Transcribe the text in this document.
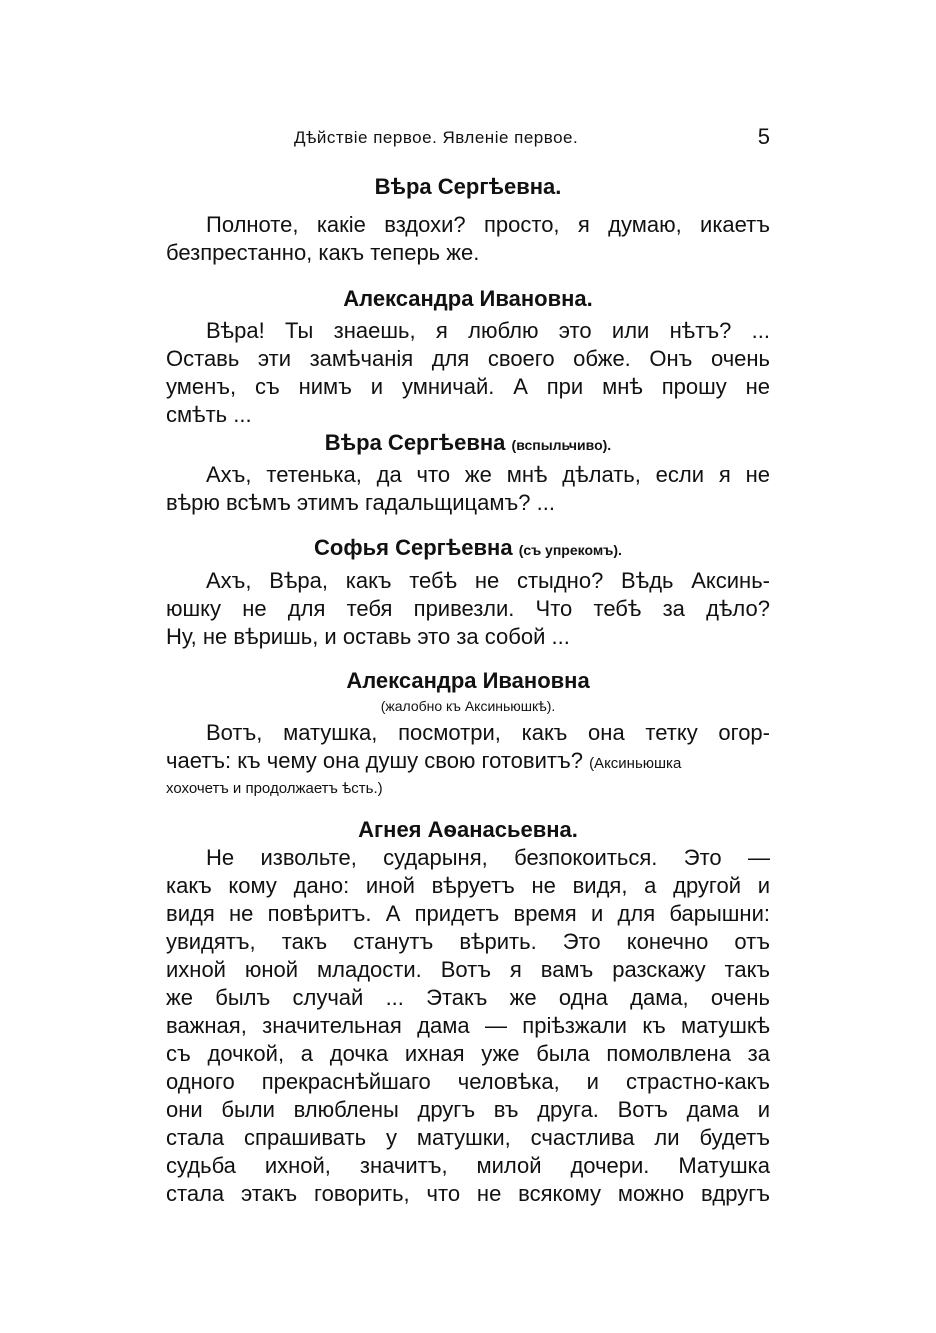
Дѣйствiе первое. Явленiе первое.	5
Вѣра Сергѣевна.
Полноте, какiе вздохи? просто, я думаю, икаетъ
безпрестанно, какъ теперь же.
Александра Ивановна.
Вѣра! Ты знаешь, я люблю это или нѣтъ? ...
Оставь эти замѣчанiя для своего обже. Онъ очень
уменъ, съ нимъ и умничай. А при мнѣ прошу не
смѣть ...
Вѣра Сергѣевна (вспыльчиво).
Ахъ, тетенька, да что же мнѣ дѣлать, если я не
вѣрю всѣмъ этимъ гадальщицамъ? ...
Софья Сергѣевна (съ упрекомъ).
Ахъ, Вѣра, какъ тебѣ не стыдно? Вѣдь Аксинь-
юшку не для тебя привезли. Что тебѣ за дѣло?
Ну, не вѣришь, и оставь это за собой ...
Александра Ивановна
(жалобно къ Аксиньюшкѣ).
Вотъ, матушка, посмотри, какъ она тетку огор-
чаетъ: къ чему она душу свою готовитъ? (Аксиньюшка
хохочетъ и продолжаетъ ѣсть.)
Агнея Аѳанасьевна.
Не извольте, сударыня, безпокоиться. Это —
какъ кому дано: иной вѣруетъ не видя, а другой и
видя не повѣритъ. А придетъ время и для барышни:
увидятъ, такъ станутъ вѣрить. Это конечно отъ
ихной юной младости. Вотъ я вамъ разскажу такъ
же былъ случай ... Этакъ же одна дама, очень
важная, значительная дама — прiѣзжали къ матушкѣ
съ дочкой, а дочка ихная уже была помолвлена за
одного прекраснѣйшаго человѣка, и страстно-какъ
они были влюблены другъ въ друга. Вотъ дама и
стала спрашивать у матушки, счастлива ли будетъ
судьба ихной, значитъ, милой дочери. Матушка
стала этакъ говорить, что не всякому можно вдругъ
